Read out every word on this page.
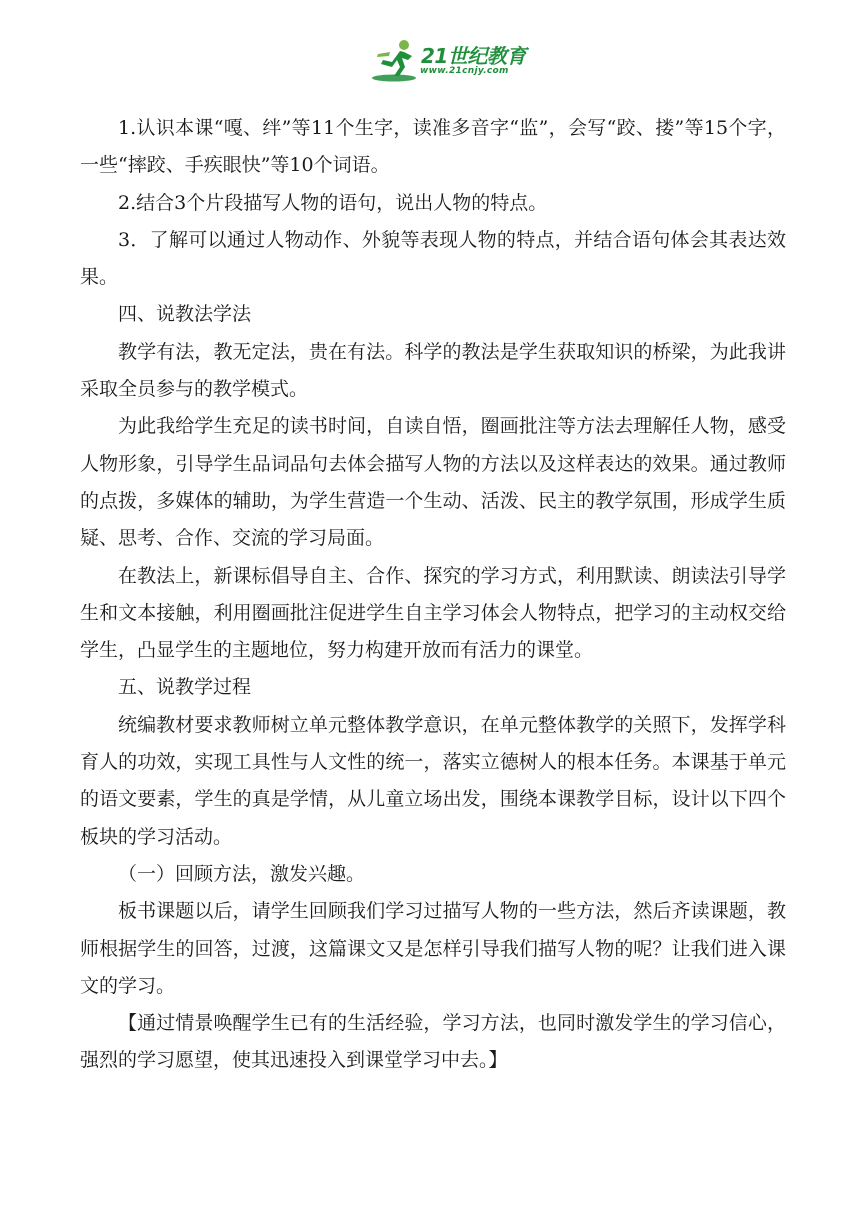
21世纪教育
www.21cnjy.com

1.认识本课“嘎、绊”等11个生字，读准多音字“监”，会写“跤、搂”等15个字，一些“摔跤、手疾眼快”等10个词语。

2.结合3个片段描写人物的语句，说出人物的特点。

3．了解可以通过人物动作、外貌等表现人物的特点，并结合语句体会其表达效果。

四、说教法学法

教学有法，教无定法，贵在有法。科学的教法是学生获取知识的桥梁，为此我讲采取全员参与的教学模式。

为此我给学生充足的读书时间，自读自悟，圈画批注等方法去理解任人物，感受人物形象，引导学生品词品句去体会描写人物的方法以及这样表达的效果。通过教师的点拨，多媒体的辅助，为学生营造一个生动、活泼、民主的教学氛围，形成学生质疑、思考、合作、交流的学习局面。

在教法上，新课标倡导自主、合作、探究的学习方式，利用默读、朗读法引导学生和文本接触，利用圈画批注促进学生自主学习体会人物特点，把学习的主动权交给学生，凸显学生的主题地位，努力构建开放而有活力的课堂。

五、说教学过程

统编教材要求教师树立单元整体教学意识，在单元整体教学的关照下，发挥学科育人的功效，实现工具性与人文性的统一，落实立德树人的根本任务。本课基于单元的语文要素，学生的真是学情，从儿童立场出发，围绕本课教学目标，设计以下四个板块的学习活动。

（一）回顾方法，激发兴趣。

板书课题以后，请学生回顾我们学习过描写人物的一些方法，然后齐读课题，教师根据学生的回答，过渡，这篇课文又是怎样引导我们描写人物的呢？让我们进入课文的学习。

【通过情景唤醒学生已有的生活经验，学习方法，也同时激发学生的学习信心，强烈的学习愿望，使其迅速投入到课堂学习中去。】
